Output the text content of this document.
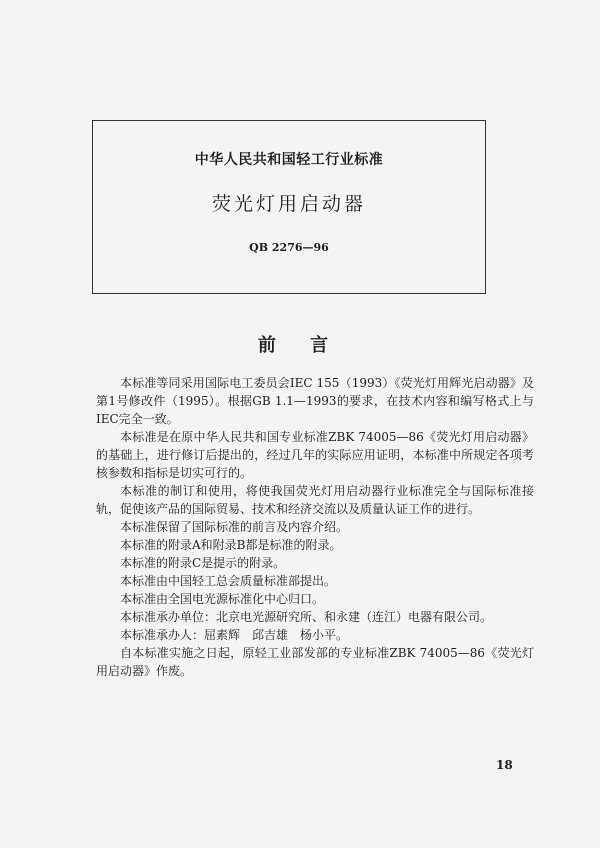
中华人民共和国轻工行业标准
荧光灯用启动器
QB 2276—96
前 言

本标准等同采用国际电工委员会IEC 155（1993）《荧光灯用辉光启动器》及第1号修改件（1995）。根据GB 1.1—1993的要求，在技术内容和编写格式上与IEC完全一致。

本标准是在原中华人民共和国专业标准ZBK 74005—86《荧光灯用启动器》的基础上，进行修订后提出的，经过几年的实际应用证明，本标准中所规定各项考核参数和指标是切实可行的。

本标准的制订和使用，将使我国荧光灯用启动器行业标准完全与国际标准接轨，促使该产品的国际贸易、技术和经济交流以及质量认证工作的进行。

本标准保留了国际标准的前言及内容介绍。

本标准的附录A和附录B都是标准的附录。

本标准的附录C是提示的附录。

本标准由中国轻工总会质量标准部提出。

本标准由全国电光源标准化中心归口。

本标准承办单位：北京电光源研究所、和永建（连江）电器有限公司。

本标准承办人：屈素辉　邱吉雄　杨小平。

自本标准实施之日起，原轻工业部发部的专业标准ZBK 74005—86《荧光灯用启动器》作废。

18
